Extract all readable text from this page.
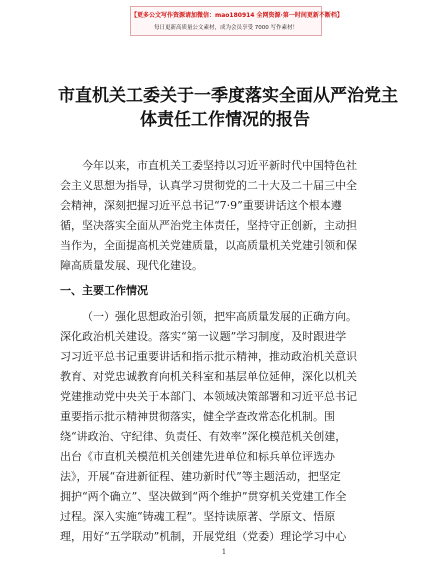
【更多公文写作资源请加微信：mao180914 全网资源·第一时间更新不断档】
每日更新高质量公文素材，成为会员享受 7000 写作素材！
市直机关工委关于一季度落实全面从严治党主
体责任工作情况的报告
今年以来，市直机关工委坚持以习近平新时代中国特色社
会主义思想为指导，认真学习贯彻党的二十大及二十届三中全
会精神，深刻把握习近平总书记“7·9”重要讲话这个根本遵
循，坚决落实全面从严治党主体责任，坚持守正创新，主动担
当作为，全面提高机关党建质量，以高质量机关党建引领和保
障高质量发展、现代化建设。
一、主要工作情况
（一）强化思想政治引领，把牢高质量发展的正确方向。
深化政治机关建设。落实“第一议题”学习制度，及时跟进学
习习近平总书记重要讲话和指示批示精神，推动政治机关意识
教育、对党忠诚教育向机关科室和基层单位延伸，深化以机关
党建推动党中央关于本部门、本领域决策部署和习近平总书记
重要指示批示精神贯彻落实，健全学查改常态化机制。围
绕“讲政治、守纪律、负责任、有效率”深化模范机关创建，
出台《市直机关模范机关创建先进单位和标兵单位评选办
法》，开展“奋进新征程、建功新时代”等主题活动，把坚定
拥护“两个确立”、坚决做到“两个维护”贯穿机关党建工作全
过程。深入实施“铸魂工程”。坚持读原著、学原文、悟原
理，用好“五学联动”机制，开展党组（党委）理论学习中心
1
